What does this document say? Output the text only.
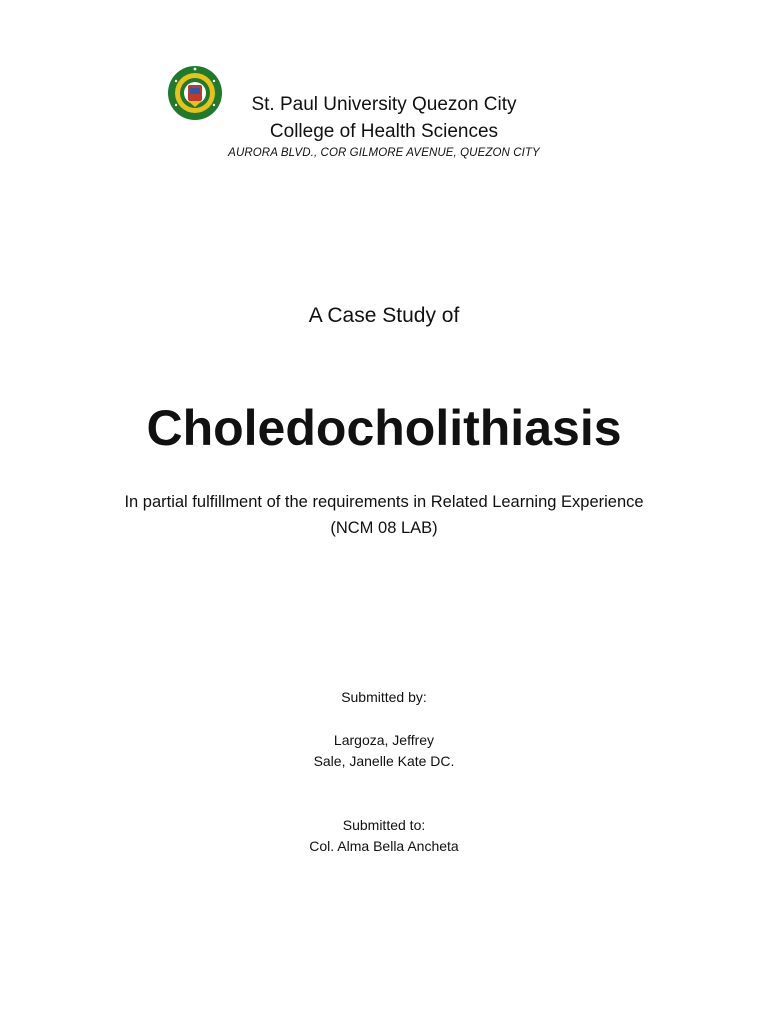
St. Paul University Quezon City

College of Health Sciences

AURORA BLVD., COR GILMORE AVENUE, QUEZON CITY

A Case Study of
Choledocholithiasis

In partial fulfillment of the requirements in Related Learning Experience

(NCM 08 LAB)

Submitted by:

Largoza, Jeffrey

Sale, Janelle Kate DC.

Submitted to:

Col. Alma Bella Ancheta
